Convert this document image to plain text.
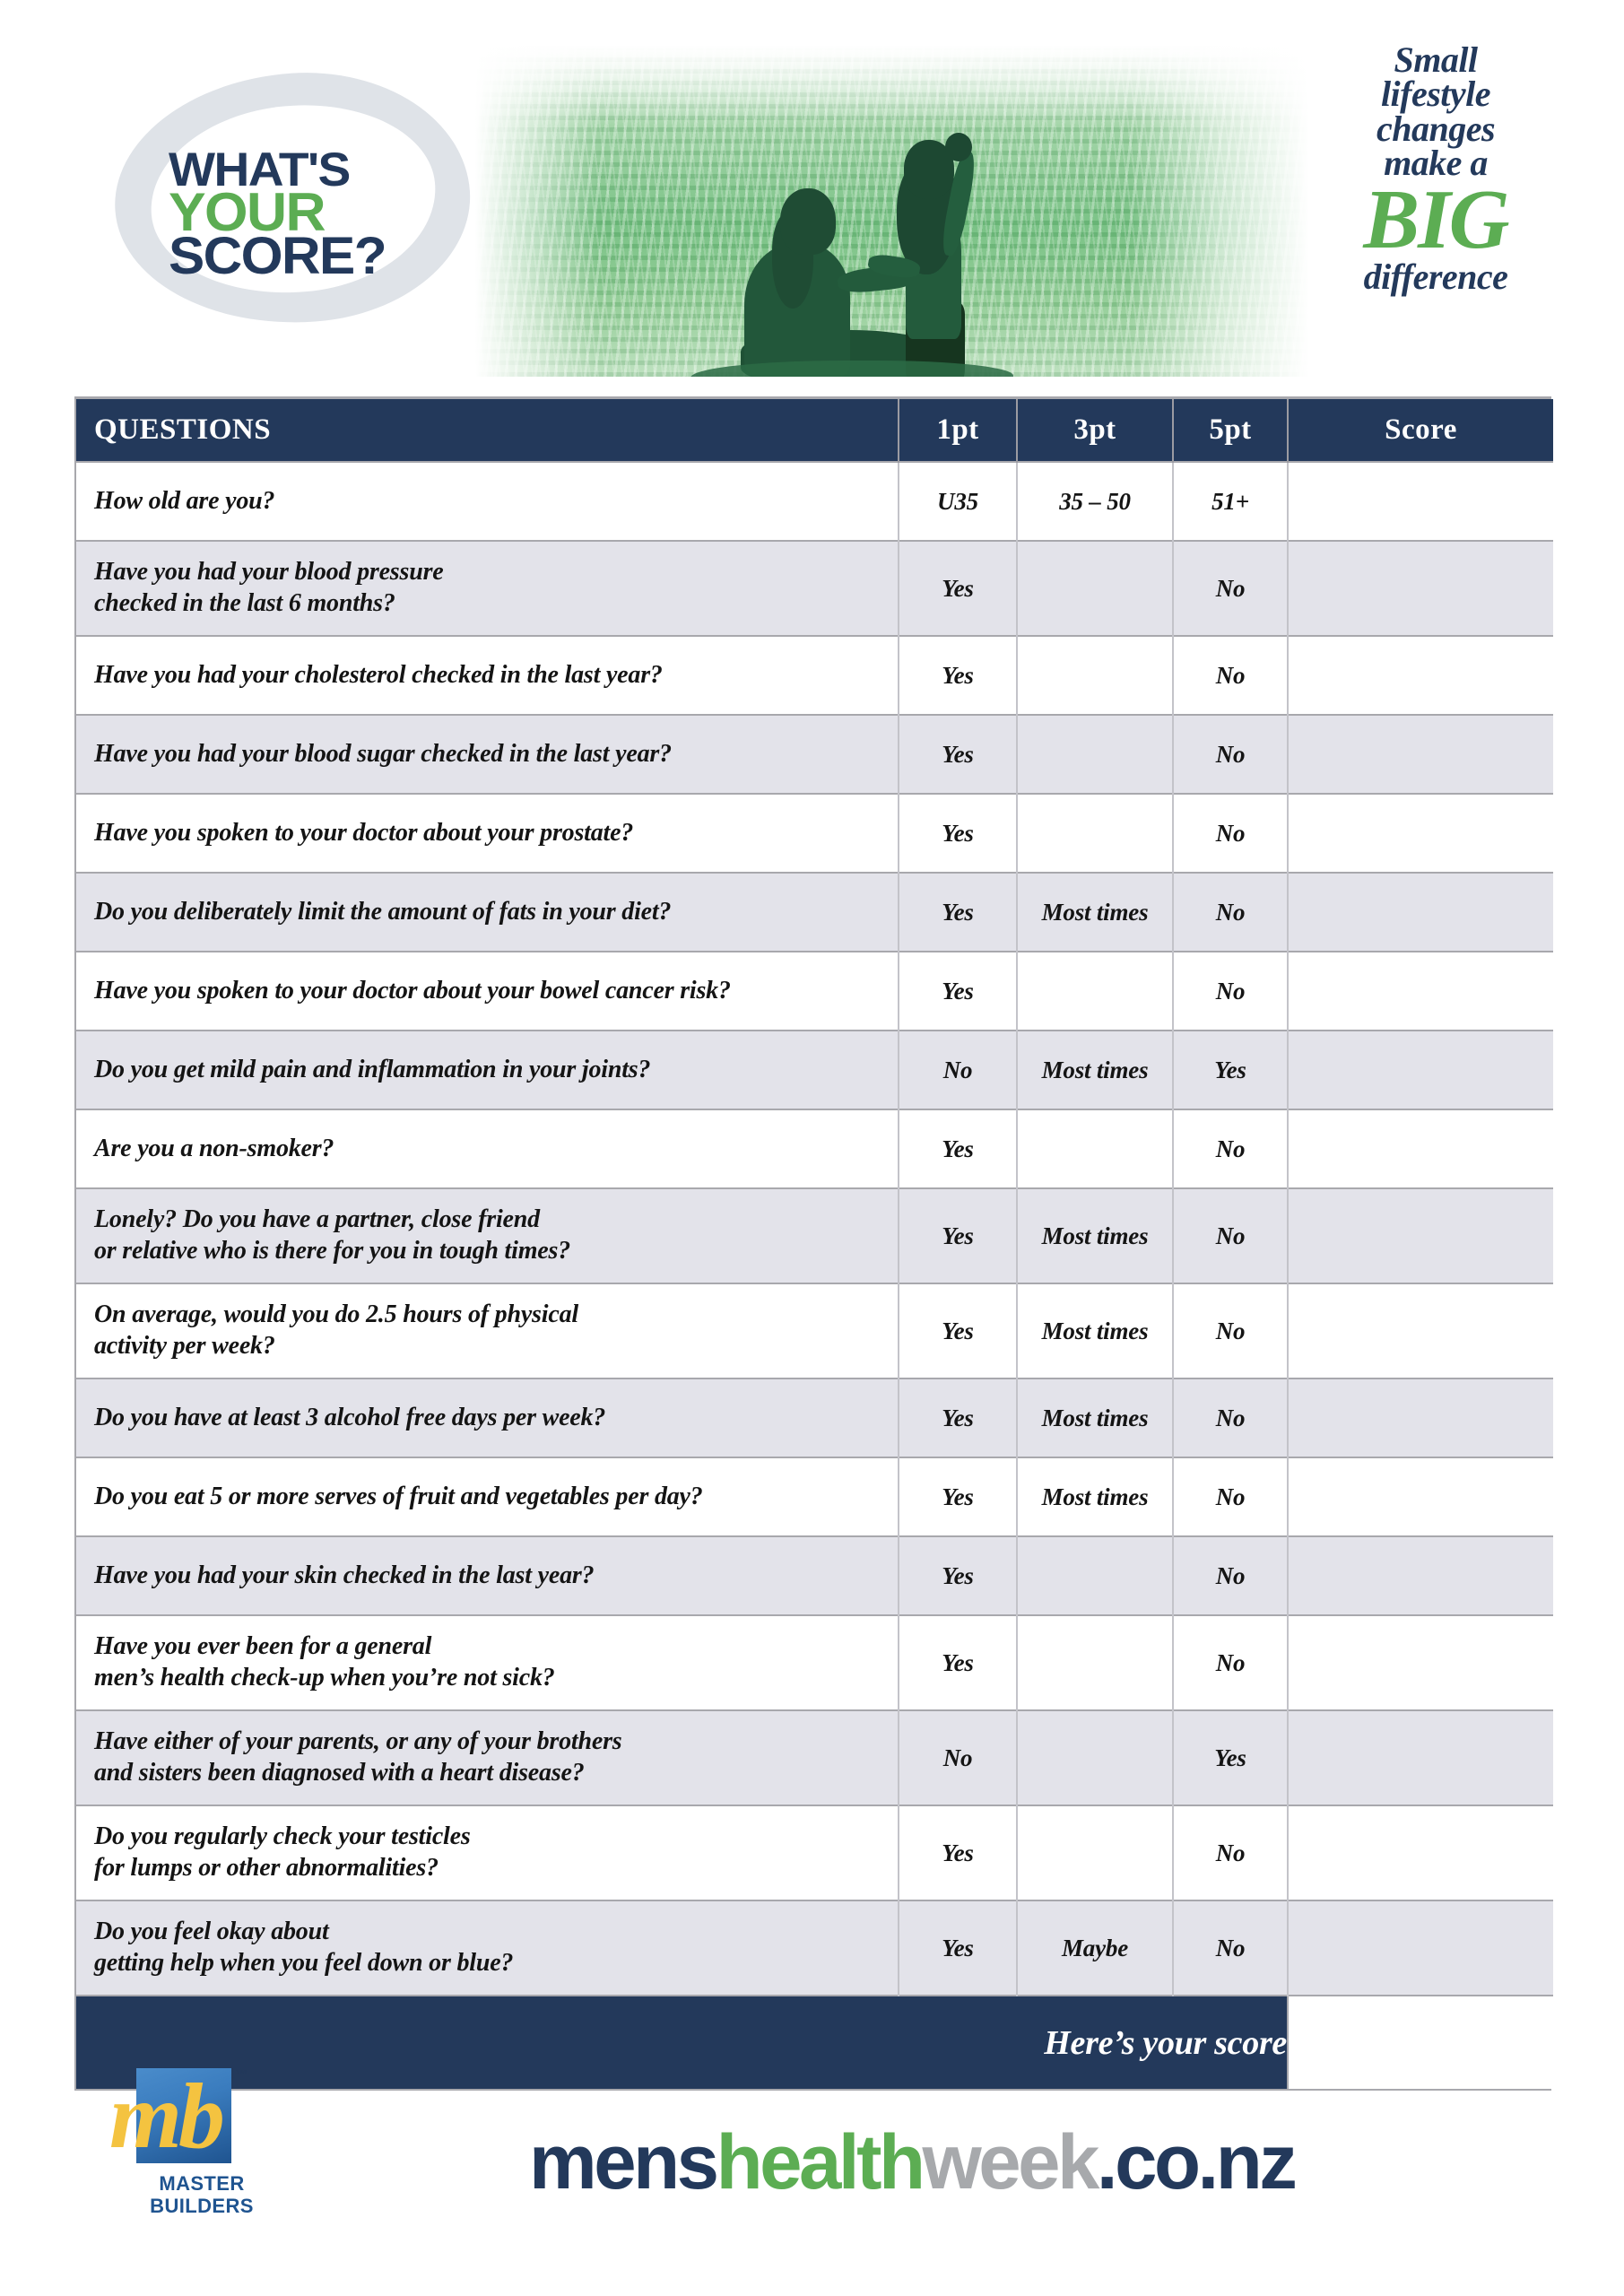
WHAT'S
YOUR
SCORE?
Small
lifestyle
changes
make a
BIG
difference
QUESTIONS	1pt	3pt	5pt	Score
How old are you?	U35	35 – 50	51+	
Have you had your blood pressure
checked in the last 6 months?	Yes		No	
Have you had your cholesterol checked in the last year?	Yes		No	
Have you had your blood sugar checked in the last year?	Yes		No	
Have you spoken to your doctor about your prostate?	Yes		No	
Do you deliberately limit the amount of fats in your diet?	Yes	Most times	No	
Have you spoken to your doctor about your bowel cancer risk?	Yes		No	
Do you get mild pain and inflammation in your joints?	No	Most times	Yes	
Are you a non-smoker?	Yes		No	
Lonely? Do you have a partner, close friend
or relative who is there for you in tough times?	Yes	Most times	No	
On average, would you do 2.5 hours of physical
activity per week?	Yes	Most times	No	
Do you have at least 3 alcohol free days per week?	Yes	Most times	No	
Do you eat 5 or more serves of fruit and vegetables per day?	Yes	Most times	No	
Have you had your skin checked in the last year?	Yes		No	
Have you ever been for a general
men’s health check-up when you’re not sick?	Yes		No	
Have either of your parents, or any of your brothers
and sisters been diagnosed with a heart disease?	No		Yes	
Do you regularly check your testicles
for lumps or other abnormalities?	Yes		No	
Do you feel okay about
getting help when you feel down or blue?	Yes	Maybe	No	
Here’s your score				
mb	™
MASTER
BUILDERS
menshealthweek.co.nz
